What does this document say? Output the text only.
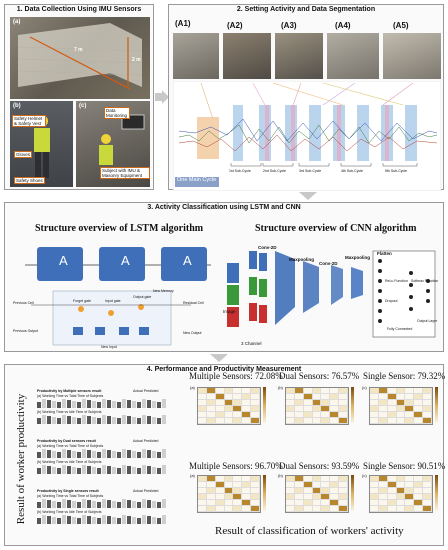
1. Data Collection Using IMU Sensors
(a)
7 m
2 m
(b)
Safety Helmet & Safety Vest
Gloves
Safety Shoes
(c)
Data Monitoring
Subject with IMU & Masonry Equipment
2. Setting Activity and Data Segmentation
(A1)	(A2)	(A3)	(A4)	(A5)
One Main Cycle
1st Sub-Cycle	2nd Sub-Cycle	3rd Sub-Cycle	4th Sub-Cycle	5th Sub-Cycle
3. Activity Classification using LSTM and CNN
Structure overview of LSTM algorithm	Structure overview of CNN algorithm
A	A	A
Previous Cell	Forget gate	Input gate
Output gate
New Memory
Residual Cell
Previous Output
New Input
New Output
Conv-2D
Maxpooling
Conv-2D
Maxpooling
Flatten
Image
3 Channel
ReLu Function
Dropout
Softmax Function
Fully Connected
Output Layer
4. Performance and Productivity Measurement
Result of worker productivity
Productivity by Multiple sensors result	Actual Predicted
(a) Working Time vs Total Time of Subjects
(b) Working Time vs Idle Time of Subjects
Productivity by Dual sensors result	Actual Predicted
(a) Working Time vs Total Time of Subjects
(b) Working Time vs Idle Time of Subjects
Productivity by Single sensors result	Actual Predicted
(a) Working Time vs Total Time of Subjects
(b) Working Time vs Idle Time of Subjects
Multiple Sensors: 72.08%
Dual Sensors: 76.57% Single Sensor: 79.32%
(a)	(b)	(c)
Multiple Sensors: 96.70%
Dual Sensors: 93.59% Single Sensor: 90.51%
(a)	(b)	(c)
Result of classification of workers' activity
